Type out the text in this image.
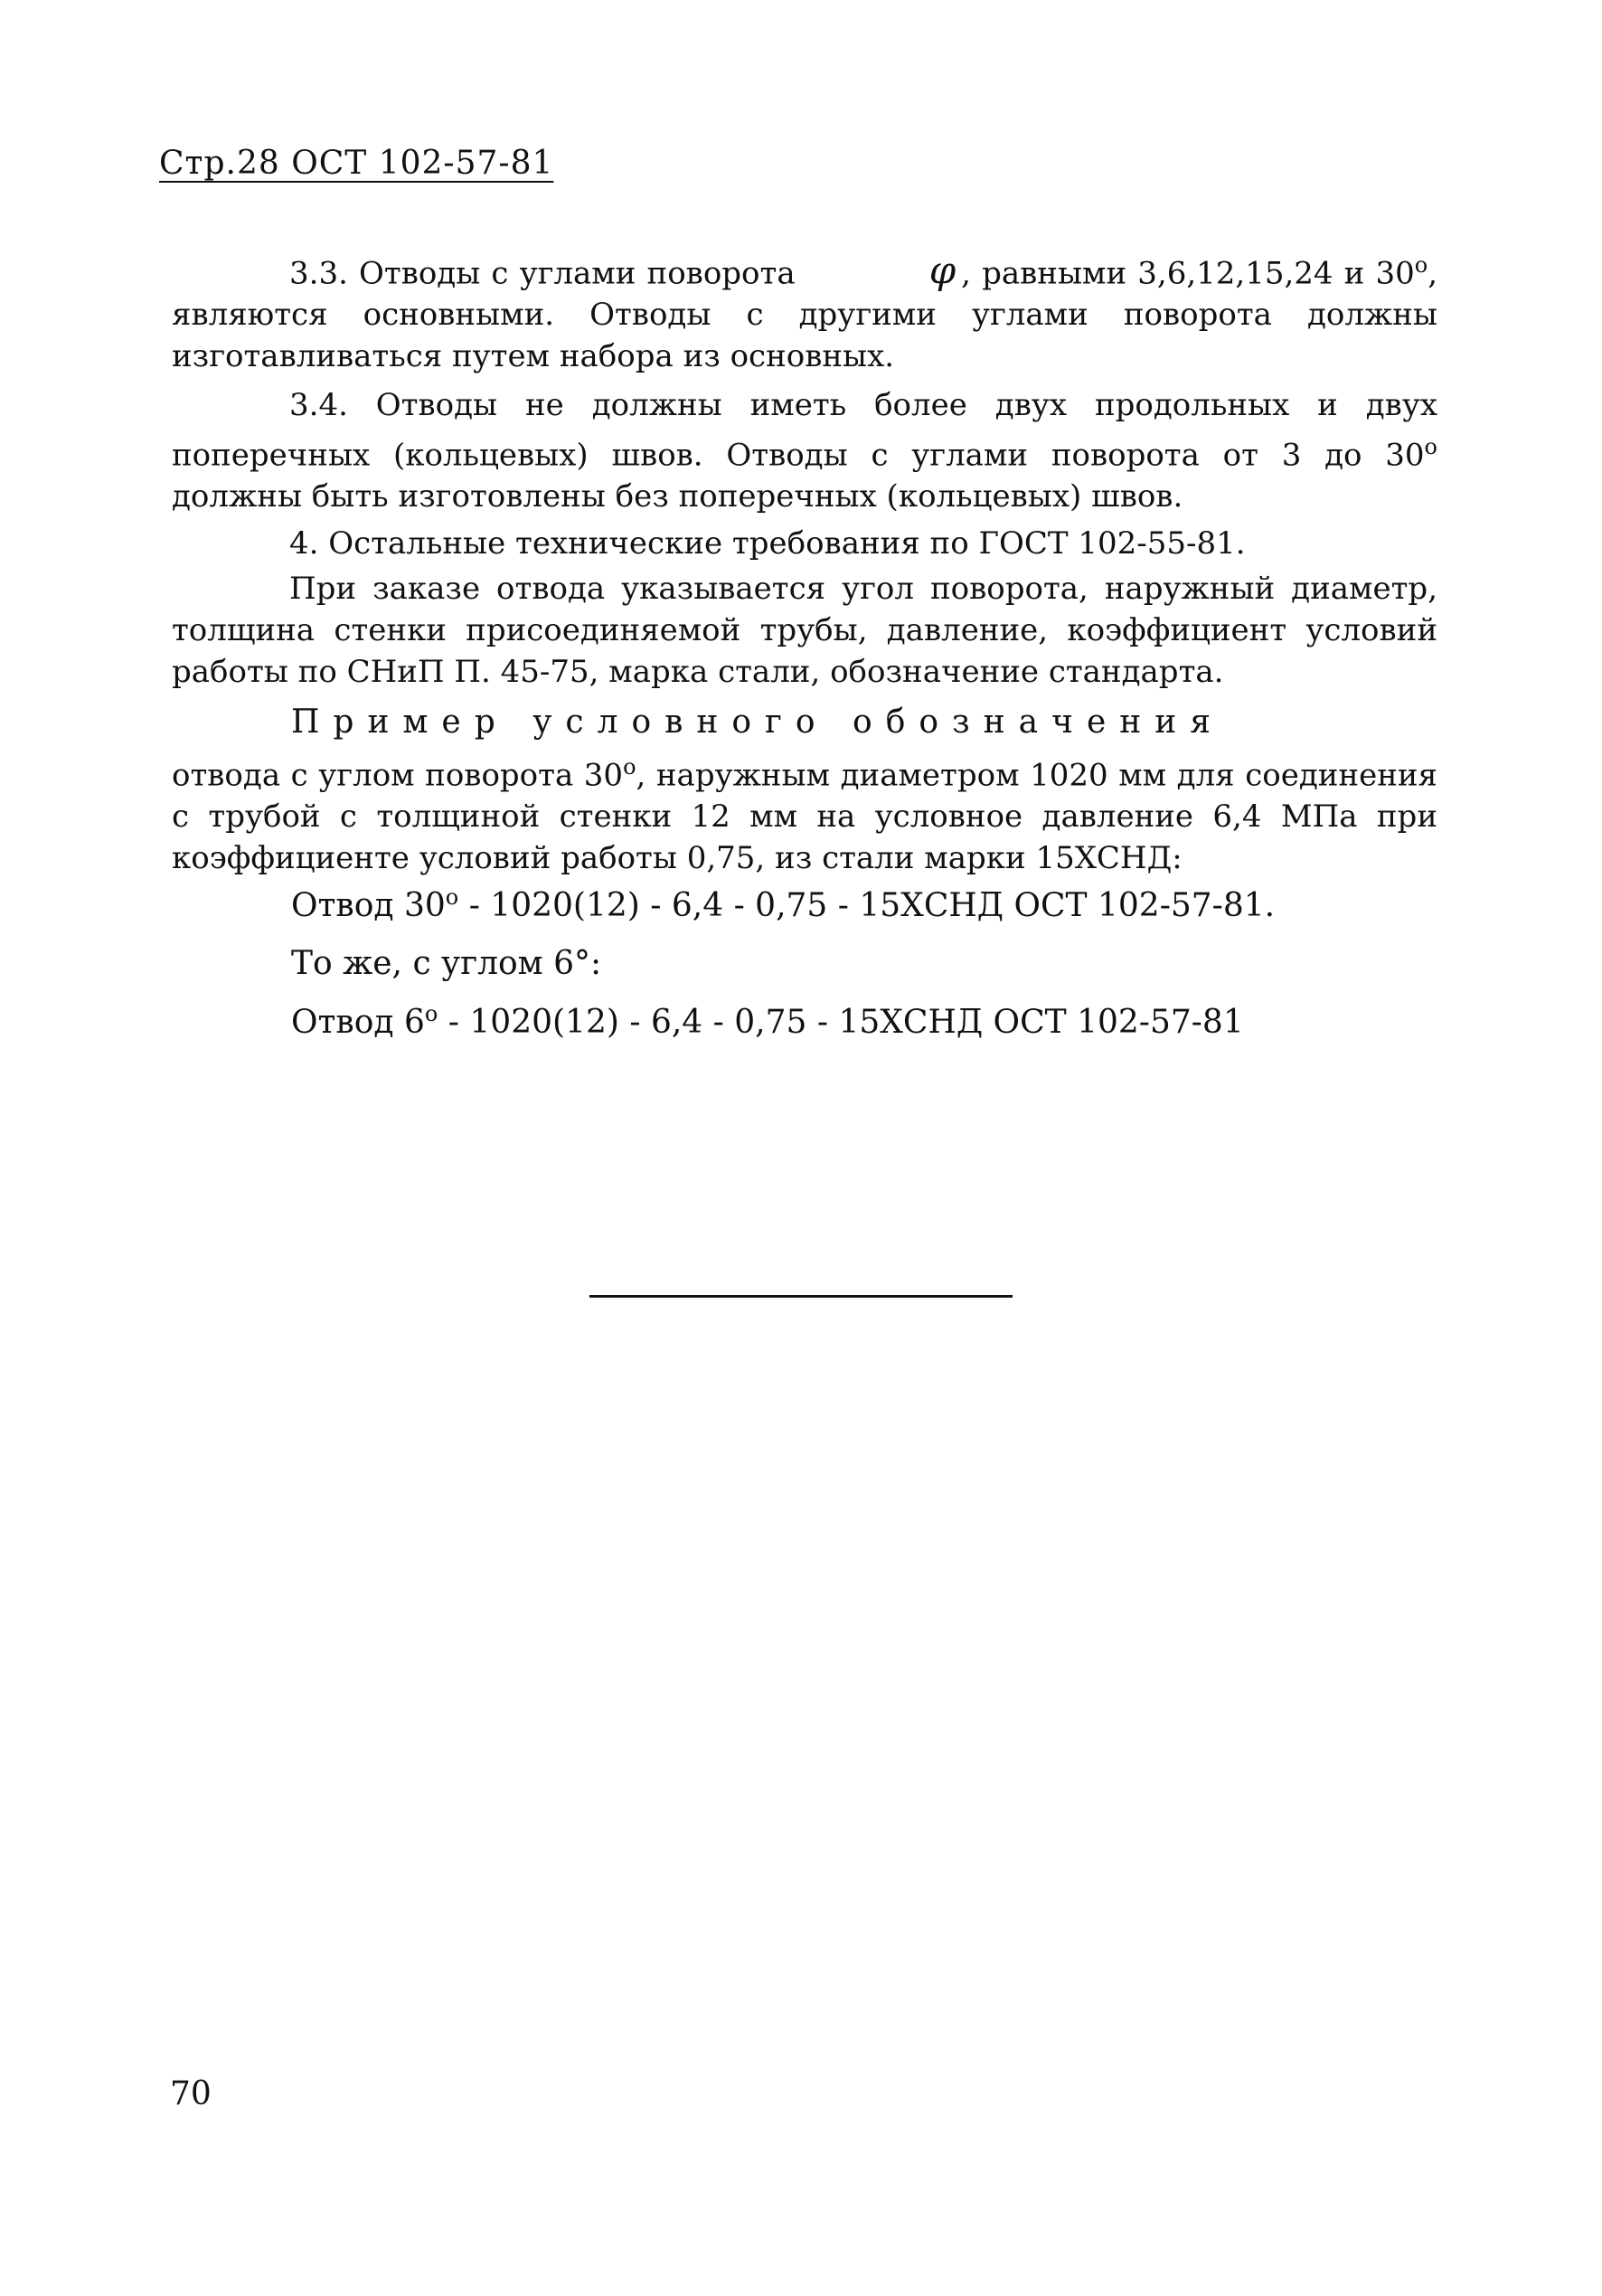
Стр.28 ОСТ 102-57-81
3.3. Отводы с углами поворота	φ , равными 3,6,12,15,24 и 30$^o$, являются основными. Отводы с другими углами поворота должны изготавливаться путем набора из основных.
3.4. Отводы не должны иметь более двух продольных и двух поперечных (кольцевых) швов. Отводы с углами поворота от 3 до 30$^o$ должны быть изготовлены без поперечных (кольцевых) швов.
4. Остальные технические требования по ГОСТ 102-55-81.
При заказе отвода указывается угол поворота, наружный диаметр, толщина стенки присоединяемой трубы, давление, коэффициент условий работы по СНиП П. 45-75, марка стали, обозначение стандарта.
Пример условного обозначения
отвода с углом поворота 30$^o$, наружным диаметром 1020 мм для соединения с трубой с толщиной стенки 12 мм на условное давление 6,4 МПа при коэффициенте условий работы 0,75, из стали марки 15ХСНД:
Отвод 30$^o$ - 1020(12) - 6,4 - 0,75 - 15ХСНД ОСТ 102-57-81.
То же, с углом 6°:
Отвод 6$^o$ - 1020(12) - 6,4 - 0,75 - 15ХСНД ОСТ 102-57-81
70
